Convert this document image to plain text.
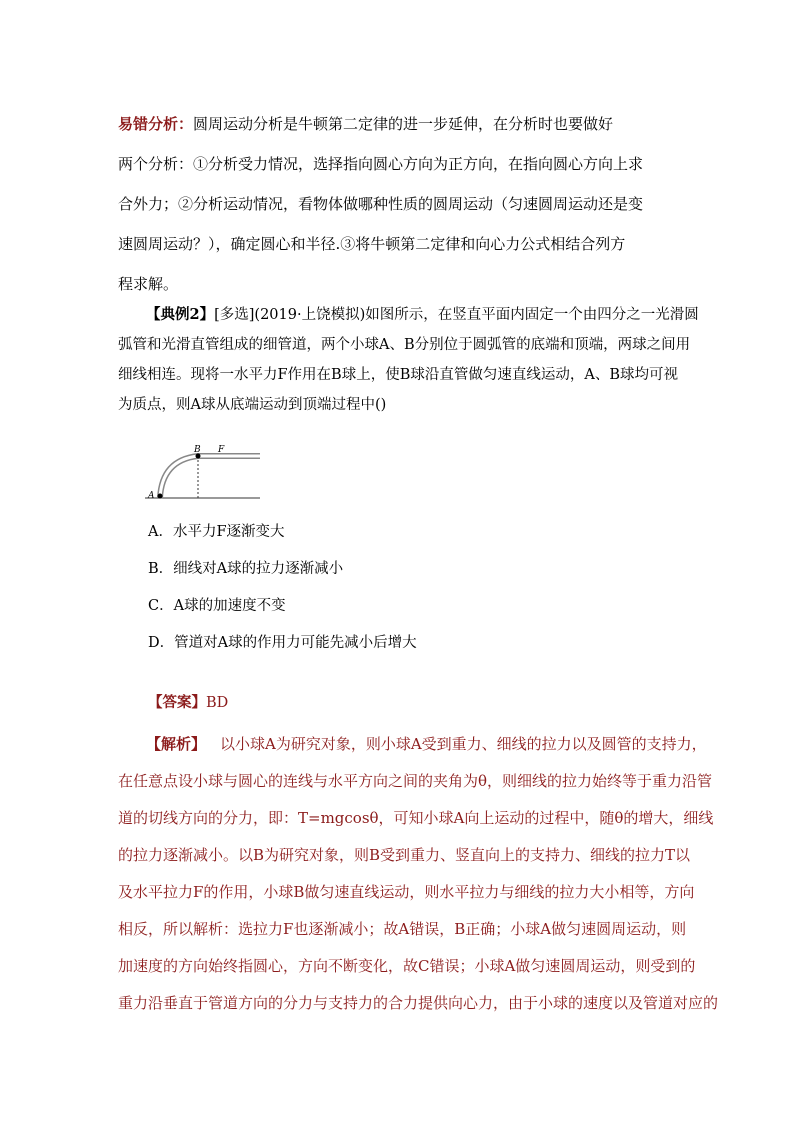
易错分析：圆周运动分析是牛顿第二定律的进一步延伸，在分析时也要做好
两个分析：①分析受力情况，选择指向圆心方向为正方向，在指向圆心方向上求
合外力；②分析运动情况，看物体做哪种性质的圆周运动（匀速圆周运动还是变
速圆周运动？），确定圆心和半径.③将牛顿第二定律和向心力公式相结合列方
程求解。
【典例2】[多选](2019·上饶模拟)如图所示，在竖直平面内固定一个由四分之一光滑圆
弧管和光滑直管组成的细管道，两个小球A、B分别位于圆弧管的底端和顶端，两球之间用
细线相连。现将一水平力F作用在B球上，使B球沿直管做匀速直线运动，A、B球均可视
为质点，则A球从底端运动到顶端过程中()
A
B F
A．水平力F逐渐变大
B．细线对A球的拉力逐渐减小
C．A球的加速度不变
D．管道对A球的作用力可能先减小后增大
【答案】BD
【解析】 以小球A为研究对象，则小球A受到重力、细线的拉力以及圆管的支持力，
在任意点设小球与圆心的连线与水平方向之间的夹角为θ，则细线的拉力始终等于重力沿管
道的切线方向的分力，即：T=mgcosθ，可知小球A向上运动的过程中，随θ的增大，细线
的拉力逐渐减小。以B为研究对象，则B受到重力、竖直向上的支持力、细线的拉力T以
及水平拉力F的作用，小球B做匀速直线运动，则水平拉力与细线的拉力大小相等，方向
相反，所以解析：选拉力F也逐渐减小；故A错误，B正确；小球A做匀速圆周运动，则
加速度的方向始终指圆心，方向不断变化，故C错误；小球A做匀速圆周运动，则受到的
重力沿垂直于管道方向的分力与支持力的合力提供向心力，由于小球的速度以及管道对应的
